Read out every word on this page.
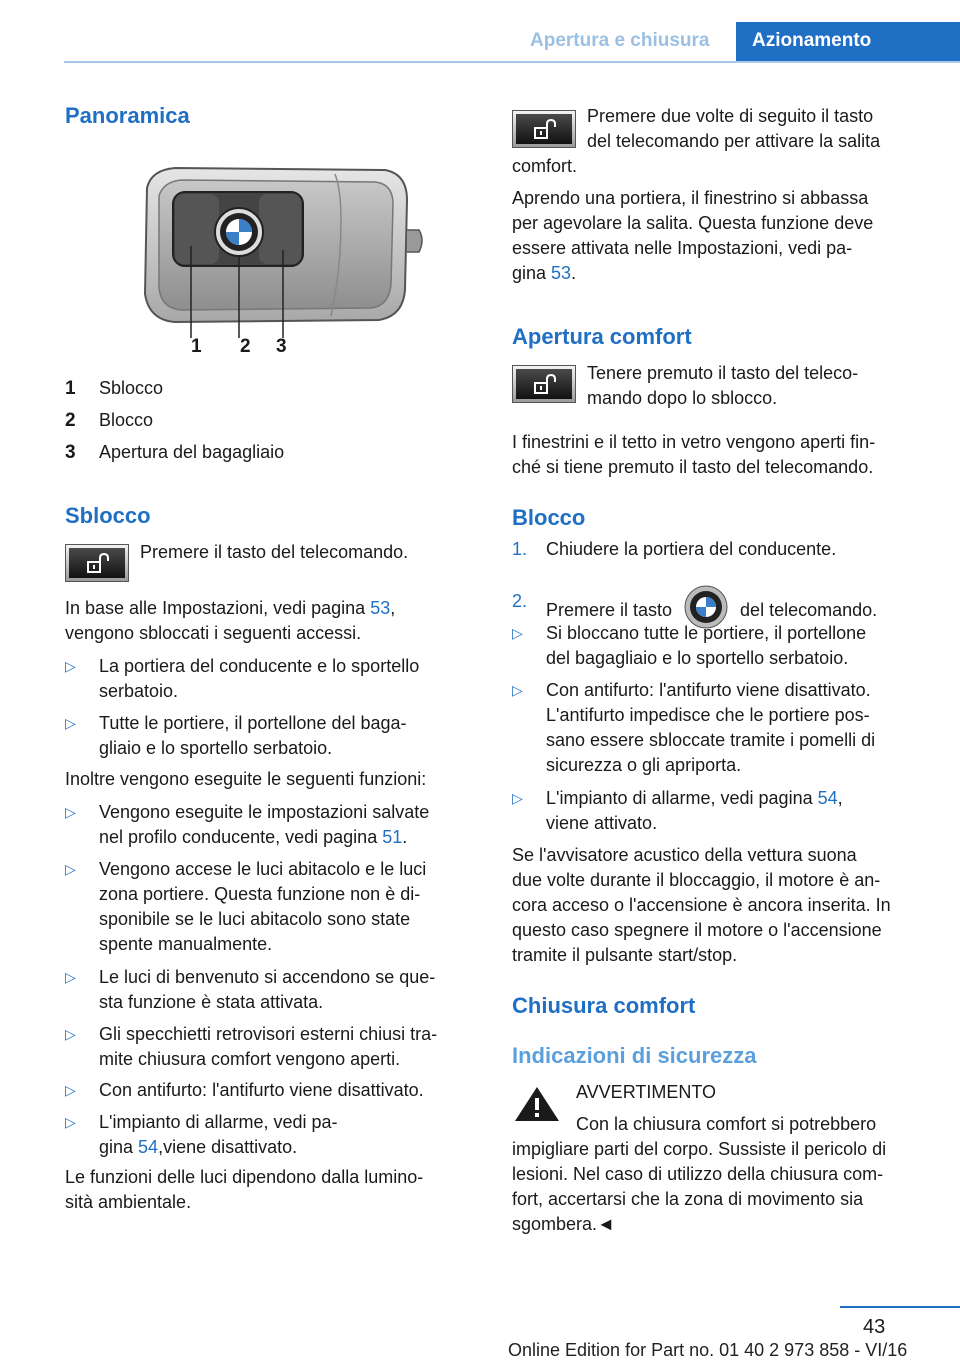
Apertura e chiusura	Azionamento
Panoramica
1 2 3
1 Sblocco
2 Blocco
3 Apertura del bagagliaio
Sblocco
Premere il tasto del telecomando.
In base alle Impostazioni, vedi pagina 53,
vengono sbloccati i seguenti accessi.
▷ La portiera del conducente e lo sportello
serbatoio.
▷ Tutte le portiere, il portellone del baga-
gliaio e lo sportello serbatoio.
Inoltre vengono eseguite le seguenti funzioni:
▷ Vengono eseguite le impostazioni salvate
nel profilo conducente, vedi pagina 51.
▷ Vengono accese le luci abitacolo e le luci
zona portiere. Questa funzione non è di-
sponibile se le luci abitacolo sono state
spente manualmente.
▷ Le luci di benvenuto si accendono se que-
sta funzione è stata attivata.
▷ Gli specchietti retrovisori esterni chiusi tra-
mite chiusura comfort vengono aperti.
▷ Con antifurto: l'antifurto viene disattivato.
▷ L'impianto di allarme, vedi pa-
gina 54,viene disattivato.
Le funzioni delle luci dipendono dalla lumino-
sità ambientale.
Premere due volte di seguito il tasto
del telecomando per attivare la salita
comfort.
Aprendo una portiera, il finestrino si abbassa
per agevolare la salita. Questa funzione deve
essere attivata nelle Impostazioni, vedi pa-
gina 53.
Apertura comfort
Tenere premuto il tasto del teleco-
mando dopo lo sblocco.
I finestrini e il tetto in vetro vengono aperti fin-
ché si tiene premuto il tasto del telecomando.
Blocco
1. Chiudere la portiera del conducente.
2. Premere il tasto	del telecomando.
▷ Si bloccano tutte le portiere, il portellone
del bagagliaio e lo sportello serbatoio.
▷ Con antifurto: l'antifurto viene disattivato.
L'antifurto impedisce che le portiere pos-
sano essere sbloccate tramite i pomelli di
sicurezza o gli apriporta.
▷ L'impianto di allarme, vedi pagina 54,
viene attivato.
Se l'avvisatore acustico della vettura suona
due volte durante il bloccaggio, il motore è an-
cora acceso o l'accensione è ancora inserita. In
questo caso spegnere il motore o l'accensione
tramite il pulsante start/stop.
Chiusura comfort
Indicazioni di sicurezza
AVVERTIMENTO
Con la chiusura comfort si potrebbero
impigliare parti del corpo. Sussiste il pericolo di
lesioni. Nel caso di utilizzo della chiusura com-
fort, accertarsi che la zona di movimento sia
sgombera.◄
43
Online Edition for Part no. 01 40 2 973 858 - VI/16
